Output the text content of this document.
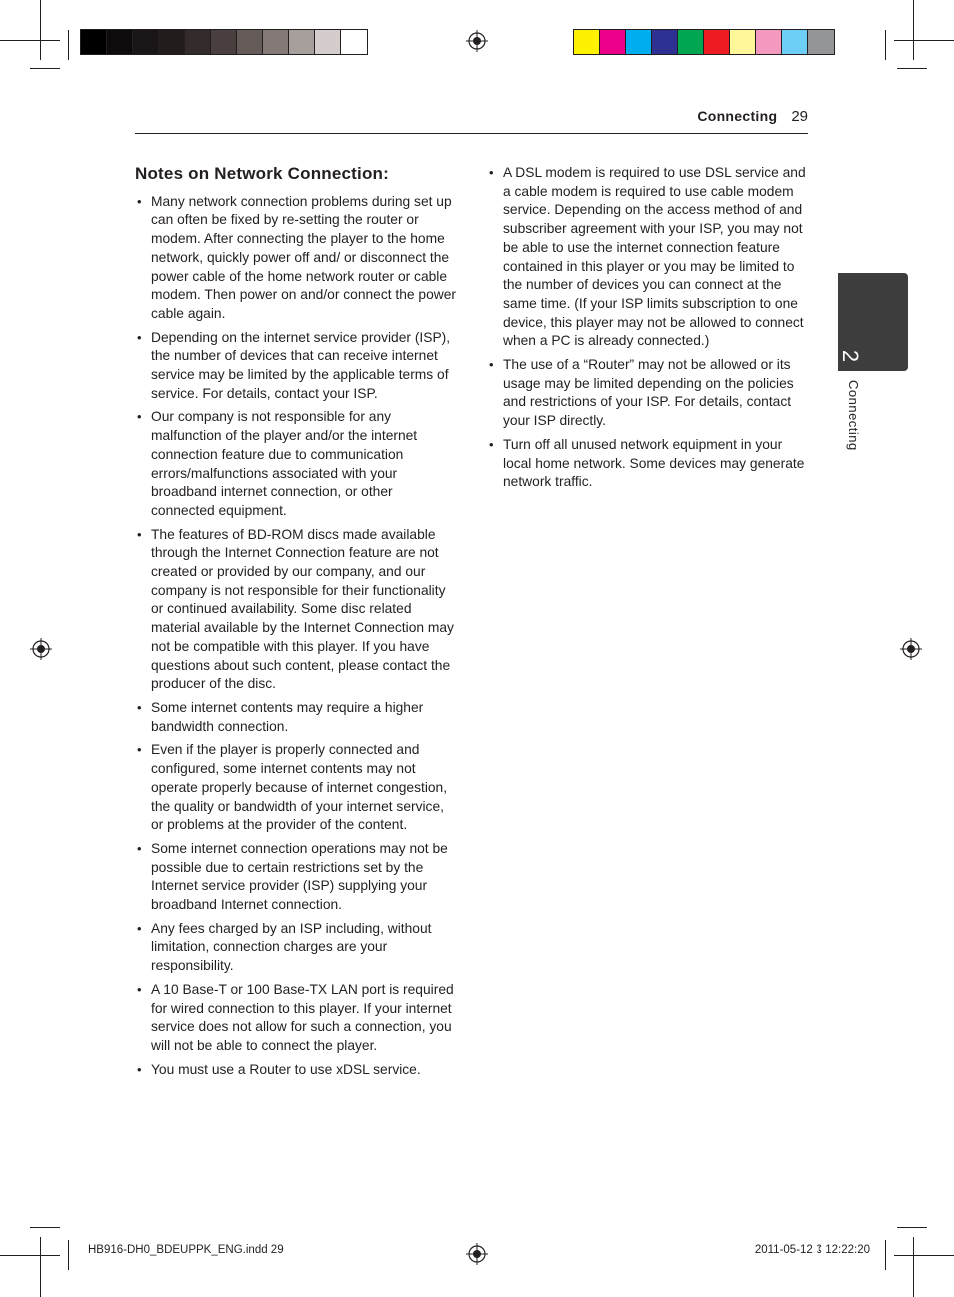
Connecting 29
2
Connecting
Notes on Network Connection:
• Many network connection problems during set up can often be fixed by re-setting the router or modem. After connecting the player to the home network, quickly power off and/ or disconnect the power cable of the home network router or cable modem. Then power on and/or connect the power cable again.
• Depending on the internet service provider (ISP), the number of devices that can receive internet service may be limited by the applicable terms of service. For details, contact your ISP.
• Our company is not responsible for any malfunction of the player and/or the internet connection feature due to communication errors/malfunctions associated with your broadband internet connection, or other connected equipment.
• The features of BD-ROM discs made available through the Internet Connection feature are not created or provided by our company, and our company is not responsible for their functionality or continued availability. Some disc related material available by the Internet Connection may not be compatible with this player. If you have questions about such content, please contact the producer of the disc.
• Some internet contents may require a higher bandwidth connection.
• Even if the player is properly connected and configured, some internet contents may not operate properly because of internet congestion, the quality or bandwidth of your internet service, or problems at the provider of the content.
• Some internet connection operations may not be possible due to certain restrictions set by the Internet service provider (ISP) supplying your broadband Internet connection.
• Any fees charged by an ISP including, without limitation, connection charges are your responsibility.
• A 10 Base-T or 100 Base-TX LAN port is required for wired connection to this player. If your internet service does not allow for such a connection, you will not be able to connect the player.
• You must use a Router to use xDSL service.
• A DSL modem is required to use DSL service and a cable modem is required to use cable modem service. Depending on the access method of and subscriber agreement with your ISP, you may not be able to use the internet connection feature contained in this player or you may be limited to the number of devices you can connect at the same time. (If your ISP limits subscription to one device, this player may not be allowed to connect when a PC is already connected.)
• The use of a “Router” may not be allowed or its usage may be limited depending on the policies and restrictions of your ISP. For details, contact your ISP directly.
• Turn off all unused network equipment in your local home network. Some devices may generate network traffic.
HB916-DH0_BDEUPPK_ENG.indd 29	2011-05-12 ꕘ 12:22:20
